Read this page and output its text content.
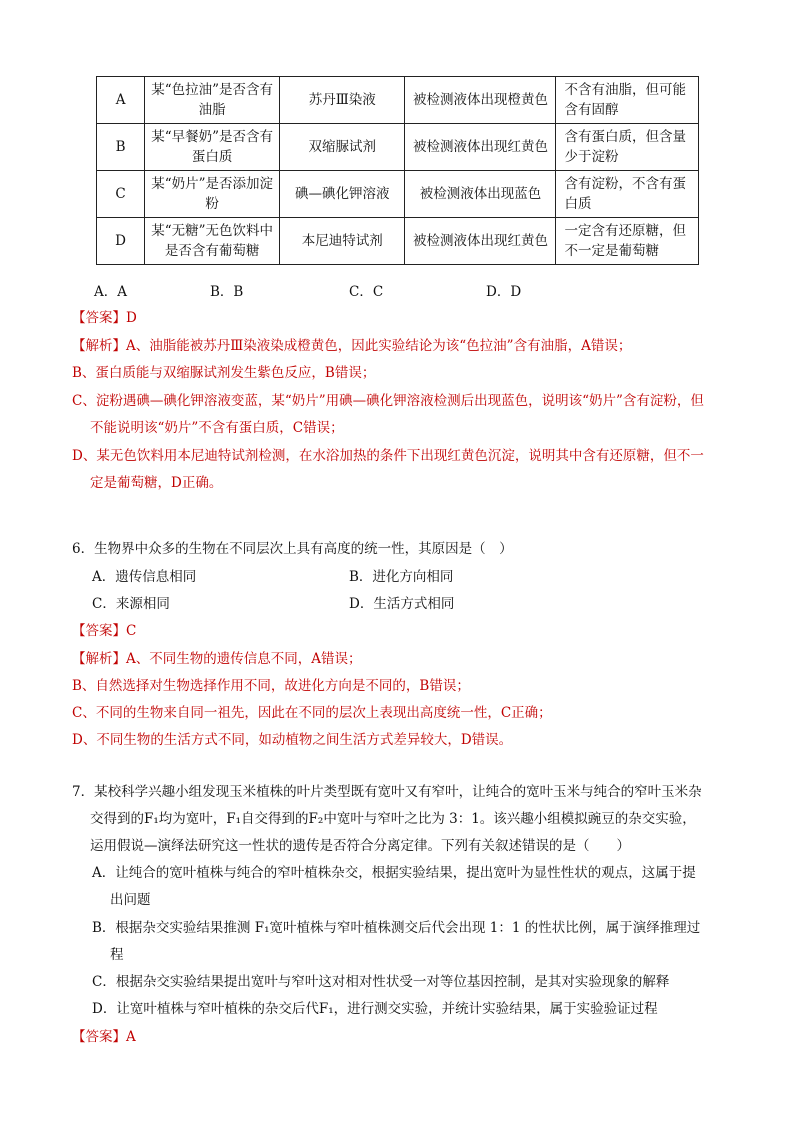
A	某“色拉油”是否含有油脂	苏丹Ⅲ染液	被检测液体出现橙黄色	不含有油脂，但可能含有固醇
B	某“早餐奶”是否含有蛋白质	双缩脲试剂	被检测液体出现红黄色	含有蛋白质，但含量少于淀粉
C	某“奶片”是否添加淀粉	碘—碘化钾溶液	被检测液体出现蓝色	含有淀粉，不含有蛋白质
D	某“无糖”无色饮料中是否含有葡萄糖	本尼迪特试剂	被检测液体出现红黄色	一定含有还原糖，但不一定是葡萄糖
A．A	B．B	C．C	D．D
【答案】D
【解析】A、油脂能被苏丹Ⅲ染液染成橙黄色，因此实验结论为该“色拉油”含有油脂，A错误；
B、蛋白质能与双缩脲试剂发生紫色反应，B错误；
C、淀粉遇碘—碘化钾溶液变蓝，某“奶片”用碘—碘化钾溶液检测后出现蓝色，说明该“奶片”含有淀粉，但
不能说明该“奶片”不含有蛋白质，C错误；
D、某无色饮料用本尼迪特试剂检测，在水浴加热的条件下出现红黄色沉淀，说明其中含有还原糖，但不一
定是葡萄糖，D正确。
6．生物界中众多的生物在不同层次上具有高度的统一性，其原因是（　）
A．遗传信息相同	B．进化方向相同
C．来源相同	D．生活方式相同
【答案】C
【解析】A、不同生物的遗传信息不同，A错误；
B、自然选择对生物选择作用不同，故进化方向是不同的，B错误；
C、不同的生物来自同一祖先，因此在不同的层次上表现出高度统一性，C正确；
D、不同生物的生活方式不同，如动植物之间生活方式差异较大，D错误。
7．某校科学兴趣小组发现玉米植株的叶片类型既有宽叶又有窄叶，让纯合的宽叶玉米与纯合的窄叶玉米杂
交得到的F₁均为宽叶，F₁自交得到的F₂中宽叶与窄叶之比为 3：1。该兴趣小组模拟豌豆的杂交实验，
运用假说—演绎法研究这一性状的遗传是否符合分离定律。下列有关叙述错误的是（　　）
A．让纯合的宽叶植株与纯合的窄叶植株杂交，根据实验结果，提出宽叶为显性性状的观点，这属于提
出问题
B．根据杂交实验结果推测 F₁宽叶植株与窄叶植株测交后代会出现 1：1 的性状比例，属于演绎推理过
程
C．根据杂交实验结果提出宽叶与窄叶这对相对性状受一对等位基因控制，是其对实验现象的解释
D．让宽叶植株与窄叶植株的杂交后代F₁，进行测交实验，并统计实验结果，属于实验验证过程
【答案】A
